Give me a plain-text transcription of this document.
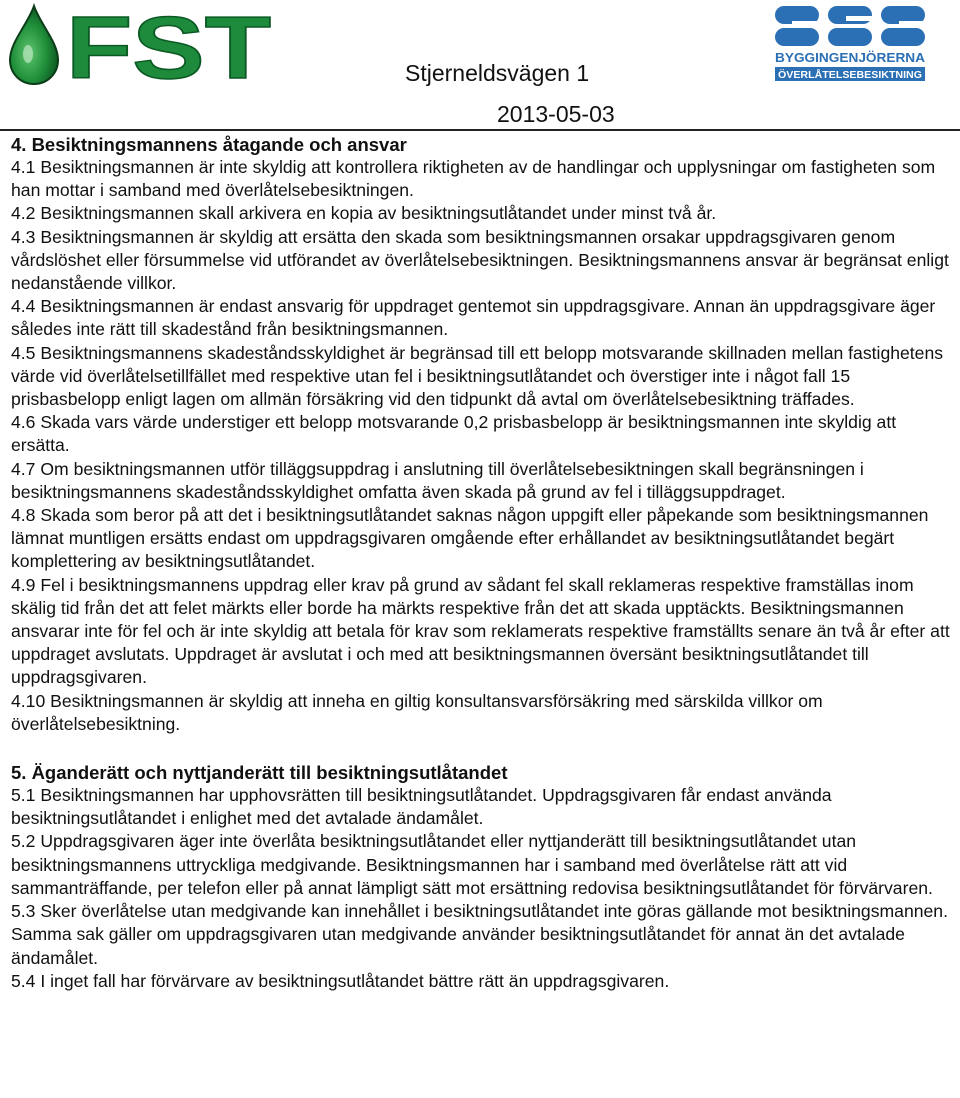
FST	BYGGINGENJÖRERNA
ÖVERLÅTELSEBESIKTNING
Stjerneldsvägen 1
2013-05-03
4. Besiktningsmannens åtagande och ansvar

4.1 Besiktningsmannen är inte skyldig att kontrollera riktigheten av de handlingar och upplysningar om fastigheten som han mottar i samband med överlåtelsebesiktningen.

4.2 Besiktningsmannen skall arkivera en kopia av besiktningsutlåtandet under minst två år.

4.3 Besiktningsmannen är skyldig att ersätta den skada som besiktningsmannen orsakar uppdragsgivaren genom vårdslöshet eller försummelse vid utförandet av överlåtelsebesiktningen. Besiktningsmannens ansvar är begränsat enligt nedanstående villkor.

4.4 Besiktningsmannen är endast ansvarig för uppdraget gentemot sin uppdragsgivare. Annan än uppdragsgivare äger således inte rätt till skadestånd från besiktningsmannen.

4.5 Besiktningsmannens skadeståndsskyldighet är begränsad till ett belopp motsvarande skillnaden mellan fastighetens värde vid överlåtelsetillfället med respektive utan fel i besiktningsutlåtandet och överstiger inte i något fall 15 prisbasbelopp enligt lagen om allmän försäkring vid den tidpunkt då avtal om överlåtelsebesiktning träffades.

4.6 Skada vars värde understiger ett belopp motsvarande 0,2 prisbasbelopp är besiktningsmannen inte skyldig att ersätta.

4.7 Om besiktningsmannen utför tilläggsuppdrag i anslutning till överlåtelsebesiktningen skall begränsningen i besiktningsmannens skadeståndsskyldighet omfatta även skada på grund av fel i tilläggsuppdraget.

4.8 Skada som beror på att det i besiktningsutlåtandet saknas någon uppgift eller påpekande som besiktningsmannen lämnat muntligen ersätts endast om uppdragsgivaren omgående efter erhållandet av besiktningsutlåtandet begärt komplettering av besiktningsutlåtandet.

4.9 Fel i besiktningsmannens uppdrag eller krav på grund av sådant fel skall reklameras respektive framställas inom skälig tid från det att felet märkts eller borde ha märkts respektive från det att skada upptäckts. Besiktningsmannen ansvarar inte för fel och är inte skyldig att betala för krav som reklamerats respektive framställts senare än två år efter att uppdraget avslutats. Uppdraget är avslutat i och med att besiktningsmannen översänt besiktningsutlåtandet till uppdragsgivaren.

4.10 Besiktningsmannen är skyldig att inneha en giltig konsultansvarsförsäkring med särskilda villkor om överlåtelsebesiktning.

5. Äganderätt och nyttjanderätt till besiktningsutlåtandet

5.1 Besiktningsmannen har upphovsrätten till besiktningsutlåtandet. Uppdragsgivaren får endast använda besiktningsutlåtandet i enlighet med det avtalade ändamålet.

5.2 Uppdragsgivaren äger inte överlåta besiktningsutlåtandet eller nyttjanderätt till besiktningsutlåtandet utan besiktningsmannens uttryckliga medgivande. Besiktningsmannen har i samband med överlåtelse rätt att vid sammanträffande, per telefon eller på annat lämpligt sätt mot ersättning redovisa besiktningsutlåtandet för förvärvaren.

5.3 Sker överlåtelse utan medgivande kan innehållet i besiktningsutlåtandet inte göras gällande mot besiktningsmannen. Samma sak gäller om uppdragsgivaren utan medgivande använder besiktningsutlåtandet för annat än det avtalade ändamålet.

5.4 I inget fall har förvärvare av besiktningsutlåtandet bättre rätt än uppdragsgivaren.
